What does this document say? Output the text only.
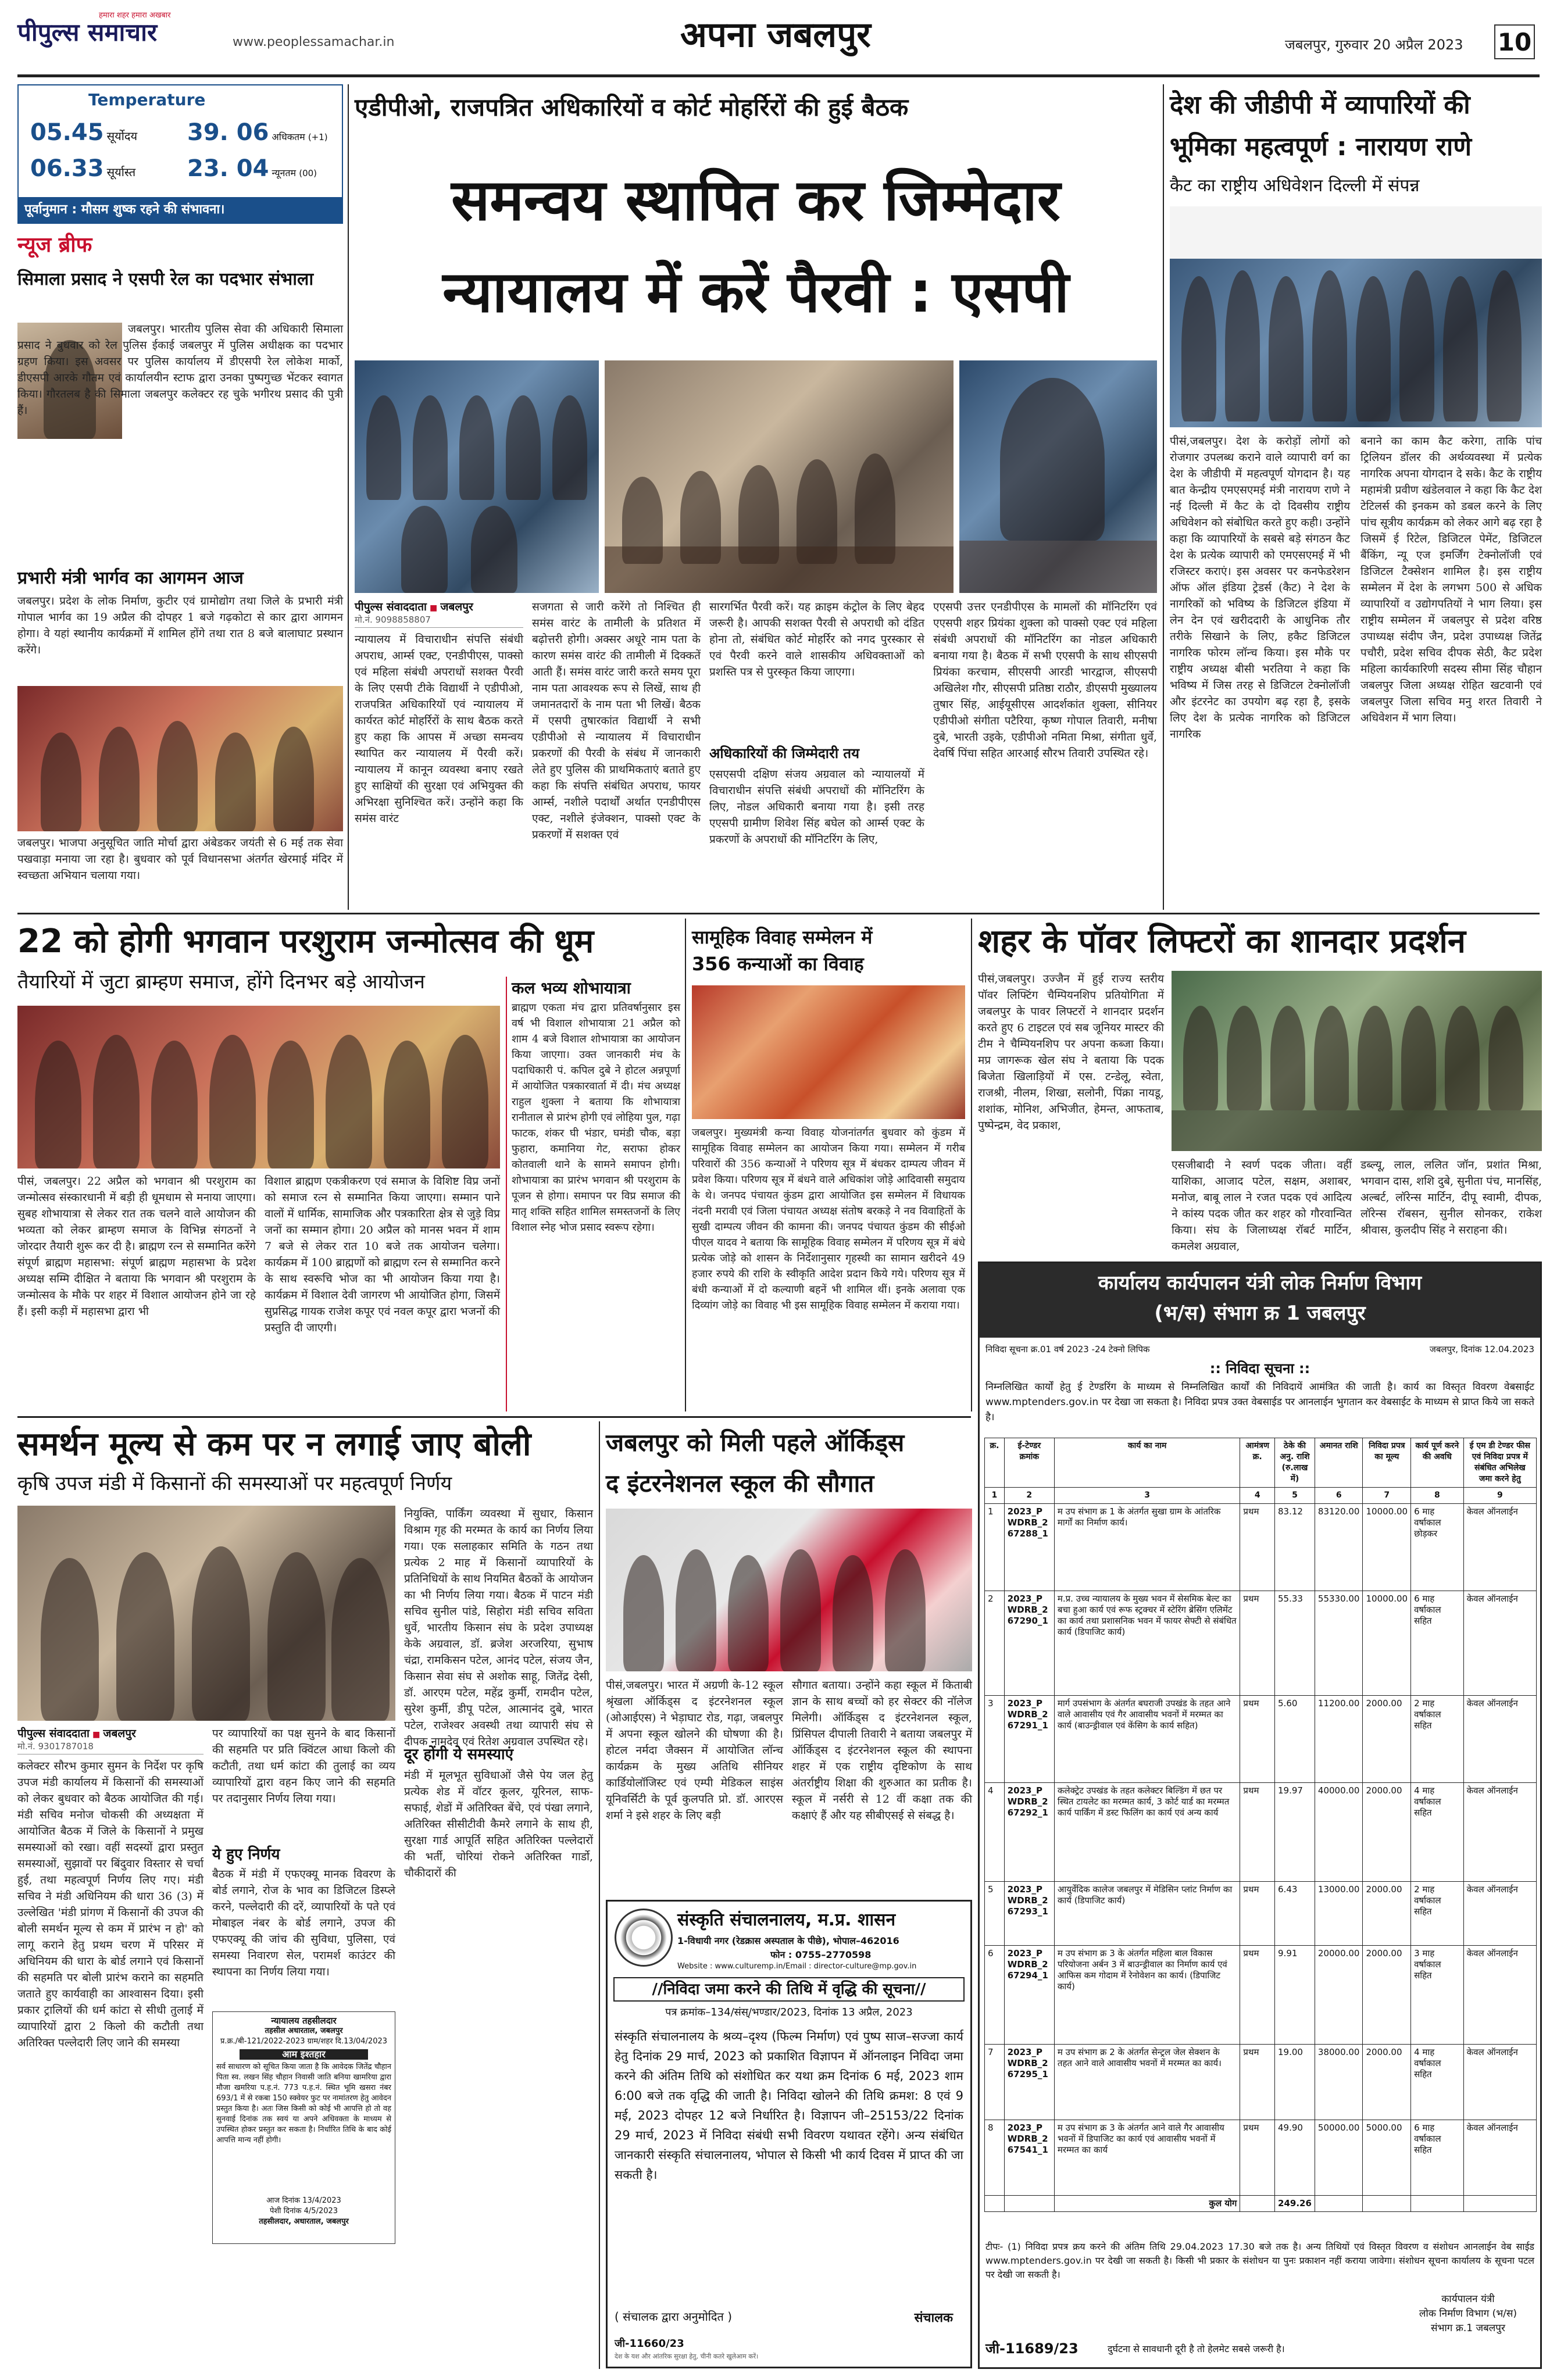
पीपुल्स समाचार
हमारा शहर हमारा अखबार
www.peoplessamachar.in	अपना जबलपुर	जबलपुर, गुरुवार 20 अप्रैल 2023 10
Temperature
05.45 सूर्योदय
06.33 सूर्यास्त
39. 06 अधिकतम (+1)
23. 04 न्यूनतम (00)
पूर्वानुमान : मौसम शुष्क रहने की संभावना।
न्यूज ब्रीफ
सिमाला प्रसाद ने एसपी रेल का पदभार संभाला
जबलपुर। भारतीय पुलिस सेवा की अधिकारी सिमाला प्रसाद ने बुधवार को रेल पुलिस ईकाई जबलपुर में पुलिस अधीक्षक का पदभार ग्रहण किया। इस अवसर पर पुलिस कार्यालय में डीएसपी रेल लोकेश मार्को, डीएसपी आरके गौतम एवं कार्यालयीन स्टाफ द्वारा उनका पुष्पगुच्छ भेंटकर स्वागत किया। गौरतलब है की सिमाला जबलपुर कलेक्टर रह चुके भगीरथ प्रसाद की पुत्री हैं।
प्रभारी मंत्री भार्गव का आगमन आज
जबलपुर। प्रदेश के लोक निर्माण, कुटीर एवं ग्रामोद्योग तथा जिले के प्रभारी मंत्री गोपाल भार्गव का 19 अप्रैल की दोपहर 1 बजे गढ़कोटा से कार द्वारा आगमन होगा। वे यहां स्थानीय कार्यक्रमों में शामिल होंगे तथा रात 8 बजे बालाघाट प्रस्थान करेंगे।
जबलपुर। भाजपा अनुसूचित जाति मोर्चा द्वारा अंबेडकर जयंती से 6 मई तक सेवा पखवाड़ा मनाया जा रहा है। बुधवार को पूर्व विधानसभा अंतर्गत खेरमाई मंदिर में स्वच्छता अभियान चलाया गया।
एडीपीओ, राजपत्रित अधिकारियों व कोर्ट मोहर्रिरों की हुई बैठक
समन्वय स्थापित कर जिम्मेदार
न्यायालय में करें पैरवी : एसपी
पीपुल्स संवाददाता ■ जबलपुर
मो.नं. 9098858807
न्यायालय में विचाराधीन संपत्ति संबंधी अपराध, आर्म्स एक्ट, एनडीपीएस, पाक्सो एवं महिला संबंधी अपराधों सशक्त पैरवी के लिए एसपी टीके विद्यार्थी ने एडीपीओ, राजपत्रित अधिकारियों एवं न्यायालय में कार्यरत कोर्ट मोहर्रिरों के साथ बैठक करते हुए कहा कि आपस में अच्छा समन्वय स्थापित कर न्यायालय में पैरवी करें। न्यायालय में कानून व्यवस्था बनाए रखते हुए साक्षियों की सुरक्षा एवं अभियुक्त की अभिरक्षा सुनिश्चित करें। उन्होंने कहा कि समंस वारंट
सजगता से जारी करेंगे तो निश्चित ही समंस वारंट के तामीली के प्रतिशत में बढ़ोत्तरी होगी। अक्सर अधूरे नाम पता के कारण समंस वारंट की तामीली में दिक्कतें आती हैं। समंस वारंट जारी करते समय पूरा नाम पता आवश्यक रूप से लिखें, साथ ही जमानतदारों के नाम पता भी लिखें। बैठक में एसपी तुषारकांत विद्यार्थी ने सभी एडीपीओ से न्यायालय में विचाराधीन प्रकरणों की पैरवी के संबंध में जानकारी लेते हुए पुलिस की प्राथमिकताएं बताते हुए कहा कि संपत्ति संबंधित अपराध, फायर आर्म्स, नशीले पदार्थों अर्थात एनडीपीएस एक्ट, नशीले इंजेक्शन, पाक्सो एक्ट के प्रकरणों में सशक्त एवं
सारगर्भित पैरवी करें। यह क्राइम कंट्रोल के लिए बेहद जरूरी है। आपकी सशक्त पैरवी से अपराधी को दंडित होना तो, संबंधित कोर्ट मोहर्रिर को नगद पुरस्कार से एवं पैरवी करने वाले शासकीय अधिवक्ताओं को प्रशस्ति पत्र से पुरस्कृत किया जाएगा।
अधिकारियों की जिम्मेदारी तय
एसएसपी दक्षिण संजय अग्रवाल को न्यायालयों में विचाराधीन संपत्ति संबंधी अपराधों की मॉनिटरिंग के लिए, नोडल अधिकारी बनाया गया है। इसी तरह एएसपी ग्रामीण शिवेश सिंह बघेल को आर्म्स एक्ट के प्रकरणों के अपराधों की मॉनिटरिंग के लिए,
एएसपी उत्तर एनडीपीएस के मामलों की मॉनिटरिंग एवं एएसपी शहर प्रियंका शुक्ला को पाक्सो एक्ट एवं महिला संबंधी अपराधों की मॉनिटरिंग का नोडल अधिकारी बनाया गया है। बैठक में सभी एएसपी के साथ सीएसपी प्रियंका करचाम, सीएसपी आरडी भारद्वाज, सीएसपी अखिलेश गौर, सीएसपी प्रतिष्ठा राठौर, डीएसपी मुख्यालय तुषार सिंह, आईयूसीएस आदर्शकांत शुक्ला, सीनियर एडीपीओ संगीता पटैरिया, कृष्ण गोपाल तिवारी, मनीषा दुबे, भारती उइके, एडीपीओ नमिता मिश्रा, संगीता धुर्वे, देवर्षि पिंचा सहित आरआई सौरभ तिवारी उपस्थित रहे।
देश की जीडीपी में व्यापारियों की
भूमिका महत्वपूर्ण : नारायण राणे
कैट का राष्ट्रीय अधिवेशन दिल्ली में संपन्न
पीसं,जबलपुर। देश के करोड़ों लोगों को रोजगार उपलब्ध कराने वाले व्यापारी वर्ग का देश के जीडीपी में महत्वपूर्ण योगदान है। यह बात केन्द्रीय एमएसएमई मंत्री नारायण राणे ने नई दिल्ली में कैट के दो दिवसीय राष्ट्रीय अधिवेशन को संबोधित करते हुए कही। उन्होंने कहा कि व्यापारियों के सबसे बड़े संगठन कैट देश के प्रत्येक व्यापारी को एमएसएमई में भी रजिस्टर कराएं। इस अवसर पर कनफेडरेशन ऑफ ऑल इंडिया ट्रेडर्स (कैट) ने देश के नागरिकों को भविष्य के डिजिटल इंडिया में लेन देन एवं खरीददारी के आधुनिक तौर तरीके सिखाने के लिए, हकैट डिजिटल नागरिक फोरम लॉन्च किया। इस मौके पर राष्ट्रीय अध्यक्ष बीसी भरतिया ने कहा कि भविष्य में जिस तरह से डिजिटल टेक्नोलॉजी और इंटरनेट का उपयोग बढ़ रहा है, इसके लिए देश के प्रत्येक नागरिक को डिजिटल नागरिक
बनाने का काम कैट करेगा, ताकि पांच ट्रिलियन डॉलर की अर्थव्यवस्था में प्रत्येक नागरिक अपना योगदान दे सके। कैट के राष्ट्रीय महामंत्री प्रवीण खंडेलवाल ने कहा कि कैट देश टेटिलर्स की इनकम को डबल करने के लिए पांच सूत्रीय कार्यक्रम को लेकर आगे बढ़ रहा है जिसमें ई रिटेल, डिजिटल पेमेंट, डिजिटल बैंकिंग, न्यू एज इमर्जिंग टेक्नोलॉजी एवं डिजिटल टैक्सेशन शामिल है। इस राष्ट्रीय सम्मेलन में देश के लगभग 500 से अधिक व्यापारियों व उद्योगपतियों ने भाग लिया। इस राष्ट्रीय सम्मेलन में जबलपुर से प्रदेश वरिष्ठ उपाध्यक्ष संदीप जैन, प्रदेश उपाध्यक्ष जितेंद्र पचौरी, प्रदेश सचिव दीपक सेठी, कैट प्रदेश महिला कार्यकारिणी सदस्य सीमा सिंह चौहान जबलपुर जिला अध्यक्ष रोहित खटवानी एवं जबलपुर जिला सचिव मनु शरत तिवारी ने अधिवेशन में भाग लिया।
22 को होगी भगवान परशुराम जन्मोत्सव की धूम
तैयारियों में जुटा ब्राम्हण समाज, होंगे दिनभर बड़े आयोजन
पीसं, जबलपुर। 22 अप्रैल को भगवान श्री परशुराम का जन्मोत्सव संस्कारधानी में बड़ी ही धूमधाम से मनाया जाएगा। सुबह शोभायात्रा से लेकर रात तक चलने वाले आयोजन की भव्यता को लेकर ब्राम्हण समाज के विभिन्न संगठनों ने जोरदार तैयारी शुरू कर दी है। ब्राह्मण रत्न से सम्मानित करेंगे संपूर्ण ब्राह्मण महासभा: संपूर्ण ब्राह्मण महासभा के प्रदेश अध्यक्ष सम्मि दीक्षित ने बताया कि भगवान श्री परशुराम के जन्मोत्सव के मौके पर शहर में विशाल आयोजन होने जा रहे हैं। इसी कड़ी में महासभा द्वारा भी
विशाल ब्राह्मण एकत्रीकरण एवं समाज के विशिष्ट विप्र जनों को समाज रत्न से सम्मानित किया जाएगा। सम्मान पाने वालों में धार्मिक, सामाजिक और पत्रकारिता क्षेत्र से जुड़े विप्र जनों का सम्मान होगा। 20 अप्रैल को मानस भवन में शाम 7 बजे से लेकर रात 10 बजे तक आयोजन चलेगा। कार्यक्रम में 100 ब्राह्मणों को ब्राह्मण रत्न से सम्मानित करने के साथ स्वरूचि भोज का भी आयोजन किया गया है। कार्यक्रम में विशाल देवी जागरण भी आयोजित होगा, जिसमें सुप्रसिद्ध गायक राजेश कपूर एवं नवल कपूर द्वारा भजनों की प्रस्तुति दी जाएगी।
कल भव्य शोभायात्रा
ब्राह्मण एकता मंच द्वारा प्रतिवर्षानुसार इस वर्ष भी विशाल शोभायात्रा 21 अप्रैल को शाम 4 बजे विशाल शोभायात्रा का आयोजन किया जाएगा। उक्त जानकारी मंच के पदाधिकारी पं. कपिल दुबे ने होटल अन्नपूर्णा में आयोजित पत्रकारवार्ता में दी। मंच अध्यक्ष राहुल शुक्ला ने बताया कि शोभायात्रा रानीताल से प्रारंभ होगी एवं लोहिया पुल, गढ़ा फाटक, शंकर घी भंडार, घमंडी चौक, बड़ा फुहारा, कमानिया गेट, सराफा होकर कोतवाली थाने के सामने समापन होगी। शोभायात्रा का प्रारंभ भगवान श्री परशुराम के पूजन से होगा। समापन पर विप्र समाज की मातृ शक्ति सहित शामिल समस्तजनों के लिए विशाल स्नेह भोज प्रसाद स्वरूप रहेगा।
सामूहिक विवाह सम्मेलन में
356 कन्याओं का विवाह
जबलपुर। मुख्यमंत्री कन्या विवाह योजनांतर्गत बुधवार को कुंडम में सामूहिक विवाह सम्मेलन का आयोजन किया गया। सम्मेलन में गरीब परिवारों की 356 कन्याओं ने परिणय सूत्र में बंधकर दाम्पत्य जीवन में प्रवेश किया। परिणय सूत्र में बंधने वाले अधिकांश जोड़े आदिवासी समुदाय के थे। जनपद पंचायत कुंडम द्वारा आयोजित इस सम्मेलन में विधायक नंदनी मरावी एवं जिला पंचायत अध्यक्ष संतोष बरकड़े ने नव विवाहितों के सुखी दाम्पत्य जीवन की कामना की। जनपद पंचायत कुंडम की सीईओ पीएल यादव ने बताया कि सामूहिक विवाह सम्मेलन में परिणय सूत्र में बंधे प्रत्येक जोड़े को शासन के निर्देशानुसार गृहस्थी का सामान खरीदने 49 हजार रुपये की राशि के स्वीकृति आदेश प्रदान किये गये। परिणय सूत्र में बंधी कन्याओं में दो कल्याणी बहनें भी शामिल थीं। इनके अलावा एक दिव्यांग जोड़े का विवाह भी इस सामूहिक विवाह सम्मेलन में कराया गया।
शहर के पॉवर लिफ्टरों का शानदार प्रदर्शन
पीसं,जबलपुर। उज्जैन में हुई राज्य स्तरीय पॉवर लिफ्टिंग चैम्पियनशिप प्रतियोगिता में जबलपुर के पावर लिफ्टरों ने शानदार प्रदर्शन करते हुए 6 टाइटल एवं सब जूनियर मास्टर की टीम ने चैम्पियनशिप पर अपना कब्जा किया। मप्र जागरूक खेल संघ ने बताया कि पदक बिजेता खिलाड़ियों में एस. टन्डेलू, स्वेता, राजश्री, नीलम, शिखा, सलोनी, पिंक्रा नायडू, शशांक, मोनिश, अभिजीत, हेमन्त, आफताब, पुष्पेन्द्रम, वेद प्रकाश,
एसजीबादी ने स्वर्ण पदक जीता। वहीं याशिका, आजाद पटेल, सक्षम, अशाबर, मनोज, बाबू लाल ने रजत पदक एवं आदित्य ने कांस्य पदक जीत कर शहर को गौरवान्वित किया। संघ के जिलाध्यक्ष रॉबर्ट मार्टिन, कमलेश अग्रवाल,
डब्ल्यू, लाल, ललित जॉन, प्रशांत मिश्रा, भगवान दास, शशि दुबे, सुनीता पंच, मानसिंह, अल्बर्ट, लॉरेन्स मार्टिन, दीपू स्वामी, दीपक, लॉरेन्स रॉबसन, सुनील सोनकर, राकेश श्रीवास, कुलदीप सिंह ने सराहना की।
कार्यालय कार्यपालन यंत्री लोक निर्माण विभाग
(भ/स) संभाग क्र 1 जबलपुर
निविदा सूचना क्र.01 वर्ष 2023 -24 टेक्नो लिपिक	जबलपुर, दिनांक 12.04.2023
:: निविदा सूचना ::
निम्नलिखित कार्यों हेतु ई टेण्डरिंग के माध्यम से निम्नलिखित कार्यों की निविदायें आमंत्रित की जाती है। कार्य का विस्तृत विवरण वेबसाईट www.mptenders.gov.in पर देखा जा सकता है। निविदा प्रपत्र उक्त वेबसाईड पर आनलाईन भुगतान कर वेबसाईट के माध्यम से प्राप्त किये जा सकते है।
क्र.	ई-टेण्डर क्रमांक	कार्य का नाम	आमंत्रण क्र.	ठेके की अनु. राशि (रु.लाख में)	अमानत राशि	निविदा प्रपत्र का मूल्य	कार्य पूर्ण करने की अवधि	ई एम डी टेण्डर फीस एवं निविदा प्रपत्र में संबंधित अभिलेख जमा करने हेतु
1	2	3	4	5	6	7	8	9
1	2023_PWDRB_267288_1	म उप संभाग क्र 1 के अंतर्गत सुखा ग्राम के आंतरिक मार्गों का निर्माण कार्य।	प्रथम	83.12	83120.00	10000.00	6 माह वर्षाकाल छोड़कर	केवल ऑनलाईन
2	2023_PWDRB_267290_1	म.प्र. उच्च न्यायालय के मुख्य भवन में सेसमिक बेल्ट का बचा हुआ कार्य एवं रूफ स्ट्रक्चर में स्टेरिंग ब्रेसिंग एलिमेंट का कार्य तथा प्रशासनिक भवन में फायर सेफ्टी से संबंधित कार्य (डिपाजिट कार्य)	प्रथम	55.33	55330.00	10000.00	6 माह वर्षाकाल सहित	केवल ऑनलाईन
3	2023_PWDRB_267291_1	मार्ग उपसंभाग के अंतर्गत बघराजी उपखंड के तहत आने वाले आवासीय एवं गैर आवासीय भवनों में मरम्मत का कार्य (बाउन्ड्रीवाल एवं केंसिग के कार्य सहित)	प्रथम	5.60	11200.00	2000.00	2 माह वर्षाकाल सहित	केवल ऑनलाईन
4	2023_PWDRB_267292_1	कलेक्ट्रेट उपखंड के तहत कलेक्टर बिल्डिंग में छत पर स्थित टायलेट का मरम्मत कार्य, 3 कोर्ट यार्ड का मरम्मत कार्य पार्किंग में डस्ट फिलिंग का कार्य एवं अन्य कार्य	प्रथम	19.97	40000.00	2000.00	4 माह वर्षाकाल सहित	केवल ऑनलाईन
5	2023_PWDRB_267293_1	आयुर्वेदिक कालेज जबलपुर में मेडिसिन प्लांट निर्माण का कार्य (डिपाजिट कार्य)	प्रथम	6.43	13000.00	2000.00	2 माह वर्षाकाल सहित	केवल ऑनलाईन
6	2023_PWDRB_267294_1	म उप संभाग क्र 3 के अंतर्गत महिला बाल विकास परियोजना अर्बन 3 में बाउन्ड्रीवाल का निर्माण कार्य एवं आफिस कम गोदाम में रेनोवेशन का कार्य। (डिपाजिट कार्य)	प्रथम	9.91	20000.00	2000.00	3 माह वर्षाकाल सहित	केवल ऑनलाईन
7	2023_PWDRB_267295_1	म उप संभाग क्र 2 के अंतर्गत सेन्ट्रल जेल सेक्शन के तहत आने वाले आवासीय भवनों में मरम्मत का कार्य।	प्रथम	19.00	38000.00	2000.00	4 माह वर्षाकाल सहित	केवल ऑनलाईन
8	2023_PWDRB_267541_1	म उप संभाग क्र 3 के अंतर्गत आने वाले गैर आवासीय भवनों में डिपाजिट का कार्य एवं आवासीय भवनों में मरम्मत का कार्य	प्रथम	49.90	50000.00	5000.00	6 माह वर्षाकाल सहित	केवल ऑनलाईन
		कुल योग		249.26				
टीपः- (1) निविदा प्रपत्र क्रय करने की अंतिम तिथि 29.04.2023 17.30 बजे तक है। अन्य तिथियों एवं विस्तृत विवरण व संशोधन आनलाईन वेब साईड www.mptenders.gov.in पर देखी जा सकती है। किसी भी प्रकार के संशोधन या पुनः प्रकाशन नहीं कराया जावेगा। संशोधन सूचना कार्यालय के सूचना पटल पर देखी जा सकती है।
कार्यपालन यंत्री
लोक निर्माण विभाग (भ/स)
संभाग क्र.1 जबलपुर
जी-11689/23	दुर्घटना से सावधानी दूरी है तो हेलमेट सबसे जरूरी है।
समर्थन मूल्य से कम पर न लगाई जाए बोली
कृषि उपज मंडी में किसानों की समस्याओं पर महत्वपूर्ण निर्णय
नियुक्ति, पार्किंग व्यवस्था में सुधार, किसान विश्राम गृह की मरम्मत के कार्य का निर्णय लिया गया। एक सलाहकार समिति के गठन तथा प्रत्येक 2 माह में किसानों व्यापारियों के प्रतिनिधियों के साथ नियमित बैठकों के आयोजन का भी निर्णय लिया गया। बैठक में पाटन मंडी सचिव सुनील पांडे, सिहोरा मंडी सचिव सविता धुर्वे, भारतीय किसान संघ के प्रदेश उपाध्यक्ष केके अग्रवाल, डॉ. ब्रजेश अरजरिया, सुभाष चंद्रा, रामकिसन पटेल, आनंद पटेल, संजय जैन, किसान सेवा संघ से अशोक साहू, जितेंद्र देसी, डॉ. आरएम पटेल, महेंद्र कुर्मी, रामदीन पटेल, सुरेश कुर्मी, डीपू पटेल, आत्मानंद दुबे, भारत पटेल, राजेश्वर अवस्थी तथा व्यापारी संघ से दीपक नामदेव एवं रितेश अग्रवाल उपस्थित रहे।
पीपुल्स संवाददाता ■ जबलपुर
मो.नं. 9301787018
कलेक्टर सौरभ कुमार सुमन के निर्देश पर कृषि उपज मंडी कार्यालय में किसानों की समस्याओं को लेकर बुधवार को बैठक आयोजित की गई। मंडी सचिव मनोज चोकसी की अध्यक्षता में आयोजित बैठक में जिले के किसानों ने प्रमुख समस्याओं को रखा। वहीं सदस्यों द्वारा प्रस्तुत समस्याओं, सुझावों पर बिंदुवार विस्तार से चर्चा हुई, तथा महत्वपूर्ण निर्णय लिए गए। मंडी सचिव ने मंडी अधिनियम की धारा 36 (3) में उल्लेखित 'मंडी प्रांगण में किसानों की उपज की बोली समर्थन मूल्य से कम में प्रारंभ न हो' को लागू कराने हेतु प्रथम चरण में परिसर में अधिनियम की धारा के बोर्ड लगाने एवं किसानों की सहमति पर बोली प्रारंभ कराने का सहमति जताते हुए कार्यवाही का आश्वासन दिया। इसी प्रकार ट्रालियों की धर्म कांटा से सीधी तुलाई में व्यापारियों द्वारा 2 किलो की कटौती तथा अतिरिक्त पल्लेदारी लिए जाने की समस्या
पर व्यापारियों का पक्ष सुनने के बाद किसानों की सहमति पर प्रति क्विंटल आधा किलो की कटौती, तथा धर्म कांटा की तुलाई का व्यय व्यापारियों द्वारा वहन किए जाने की सहमति पर तदानुसार निर्णय लिया गया।
ये हुए निर्णय
बैठक में मंडी में एफएक्यू मानक विवरण के बोर्ड लगाने, रोज के भाव का डिजिटल डिस्प्ले करने, पल्लेदारी की दरें, व्यापारियों के पते एवं मोबाइल नंबर के बोर्ड लगाने, उपज की एफएक्यू की जांच की सुविधा, पुलिसा, एवं समस्या निवारण सेल, परामर्श काउंटर की स्थापना का निर्णय लिया गया।
न्यायालय तहसीलदार
तहसील अधारताल, जबलपुर
प्र.क्र./बी-121/2022-2023 ग्राम/शहर दि.13/04/2023
आम इश्तहार
सर्व साधारण को सूचित किया जाता है कि आवेदक जितेंद्र चौहान पिता स्व. लखन सिंह चौहान निवासी जाति बनिया खामरिया द्वारा मौजा खमरिया प.ह.नं. 773 प.ह.नं. स्थित भूमि खसरा नंबर 693/1 में से रकबा 150 स्क्वेयर फुट पर नामांतरण हेतु आवेदन प्रस्तुत किया है। अतः जिस किसी को कोई भी आपत्ति हो तो वह सुनवाई दिनांक तक स्वयं या अपने अधिवक्ता के माध्यम से उपस्थित होकर प्रस्तुत कर सकता है। निर्धारित तिथि के बाद कोई आपत्ति मान्य नहीं होगी।
आज दिनांक 13/4/2023
पेशी दिनांक 4/5/2023
तहसीलदार, अधारताल, जबलपुर
दूर होंगी ये समस्याएं
मंडी में मूलभूत सुविधाओं जैसे पेय जल हेतु प्रत्येक शेड में वॉटर कूलर, यूरिनल, साफ-सफाई, शेडों में अतिरिक्त बेंचे, एवं पंखा लगाने, अतिरिक्त सीसीटीवी कैमरे लगाने के साथ ही, सुरक्षा गार्ड आपूर्ति सहित अतिरिक्त पल्लेदारों की भर्ती, चोरियां रोकने अतिरिक्त गार्डो, चौकीदारों की
जबलपुर को मिली पहले ऑर्किड्स
द इंटरनेशनल स्कूल की सौगात
पीसं,जबलपुर। भारत में अग्रणी के-12 स्कूल श्रृंखला ऑर्किड्स द इंटरनेशनल स्कूल (ओआईएस) ने भेड़ाघाट रोड, गढ़ा, जबलपुर में अपना स्कूल खोलने की घोषणा की है। होटल नर्मदा जैक्सन में आयोजित लॉन्च कार्यक्रम के मुख्य अतिथि सीनियर कार्डियोलॉजिस्ट एवं एम्पी मेडिकल साइंस यूनिवर्सिटी के पूर्व कुलपति प्रो. डॉ. आरएस शर्मा ने इसे शहर के लिए बड़ी
सौगात बताया। उन्होंने कहा स्कूल में किताबी ज्ञान के साथ बच्चों को हर सेक्टर की नॉलेज मिलेगी। ऑर्किड्स द इंटरनेशनल स्कूल, प्रिंसिपल दीपाली तिवारी ने बताया जबलपुर में ऑर्किड्स द इंटरनेशनल स्कूल की स्थापना शहर में एक राष्ट्रीय दृष्टिकोण के साथ अंतर्राष्ट्रीय शिक्षा की शुरुआत का प्रतीक है। स्कूल में नर्सरी से 12 वीं कक्षा तक की कक्षाएं हैं और यह सीबीएसई से संबद्ध है।
संस्कृति संचालनालय, म.प्र. शासन
1-विधायी नगर (रेडक्रास अस्पताल के पीछे), भोपाल–462016
फोन : 0755–2770598
Website : www.culturemp.in/Email : director-culture@mp.gov.in
//निविदा जमा करने की तिथि में वृद्धि की सूचना//
पत्र क्रमांक–134/संस्/भण्डार/2023, दिनांक 13 अप्रैल, 2023
संस्कृति संचालनालय के श्रव्य–दृश्य (फिल्म निर्माण) एवं पुष्प साज–सज्जा कार्य हेतु दिनांक 29 मार्च, 2023 को प्रकाशित विज्ञापन में ऑनलाइन निविदा जमा करने की अंतिम तिथि को संशोधित कर यथा क्रम दिनांक 6 मई, 2023 शाम 6:00 बजे तक वृद्धि की जाती है। निविदा खोलने की तिथि क्रमश: 8 एवं 9 मई, 2023 दोपहर 12 बजे निर्धारित है। विज्ञापन जी–25153/22 दिनांक 29 मार्च, 2023 में निविदा संबंधी सभी विवरण यथावत रहेंगे। अन्य संबंधित जानकारी संस्कृति संचालनालय, भोपाल से किसी भी कार्य दिवस में प्राप्त की जा सकती है।
( संचालक द्वारा अनुमोदित )	संचालक
जी-11660/23
देश के यश और आंतरिक सुरक्षा हेतु, चीनी कतरे खुलेआम करें।
